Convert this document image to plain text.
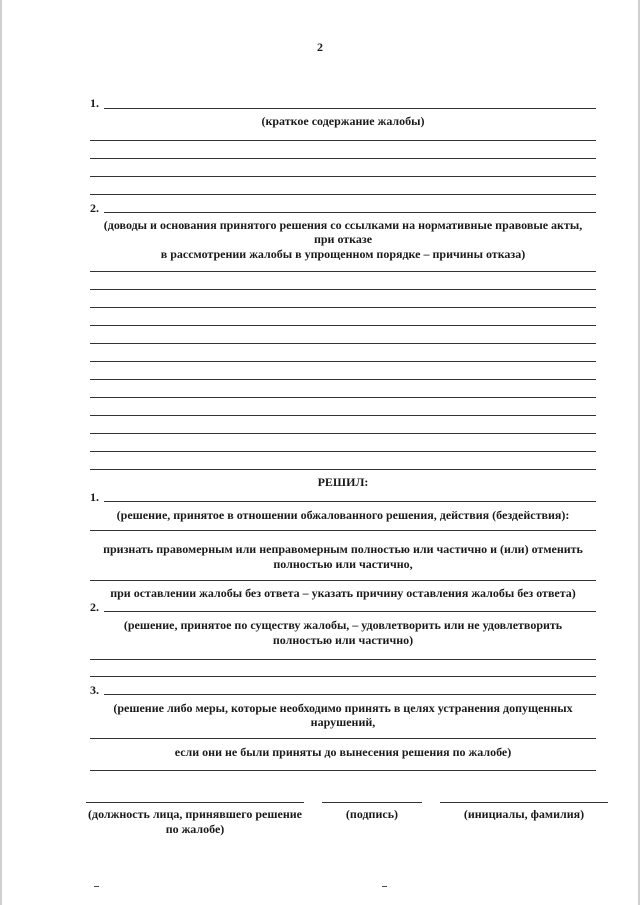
2
1.
(краткое содержание жалобы)
2.
(доводы и основания принятого решения со ссылками на нормативные правовые акты,
при отказе
в рассмотрении жалобы в упрощенном порядке – причины отказа)
РЕШИЛ:
1.
(решение, принятое в отношении обжалованного решения, действия (бездействия):
признать правомерным или неправомерным полностью или частично и (или) отменить
полностью или частично,
при оставлении жалобы без ответа – указать причину оставления жалобы без ответа)
2.
(решение, принятое по существу жалобы, – удовлетворить или не удовлетворить
полностью или частично)
3.
(решение либо меры, которые необходимо принять в целях устранения допущенных
нарушений,
если они не были приняты до вынесения решения по жалобе)
(должность лица, принявшего решение
по жалобе)
(подпись)	(инициалы, фамилия)
